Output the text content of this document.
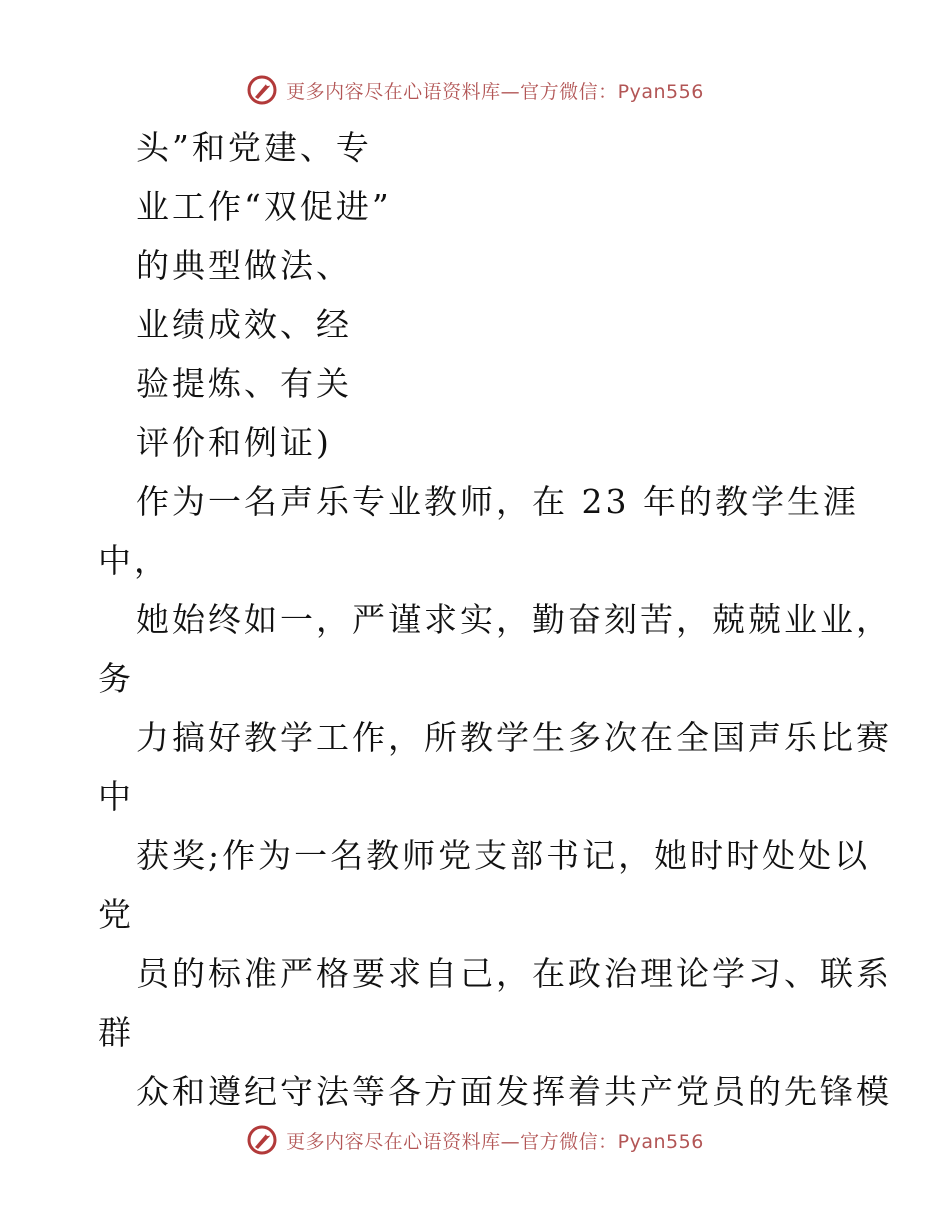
更多内容尽在心语资料库—官方微信：Pyan556
头”和党建、专
业工作“双促进”
的典型做法、
业绩成效、经
验提炼、有关
评价和例证)
作为一名声乐专业教师，在 23 年的教学生涯
中，
她始终如一，严谨求实，勤奋刻苦，兢兢业业，
务
力搞好教学工作，所教学生多次在全国声乐比赛
中
获奖;作为一名教师党支部书记，她时时处处以
党
员的标准严格要求自己，在政治理论学习、联系
群
众和遵纪守法等各方面发挥着共产党员的先锋模
更多内容尽在心语资料库—官方微信：Pyan556
